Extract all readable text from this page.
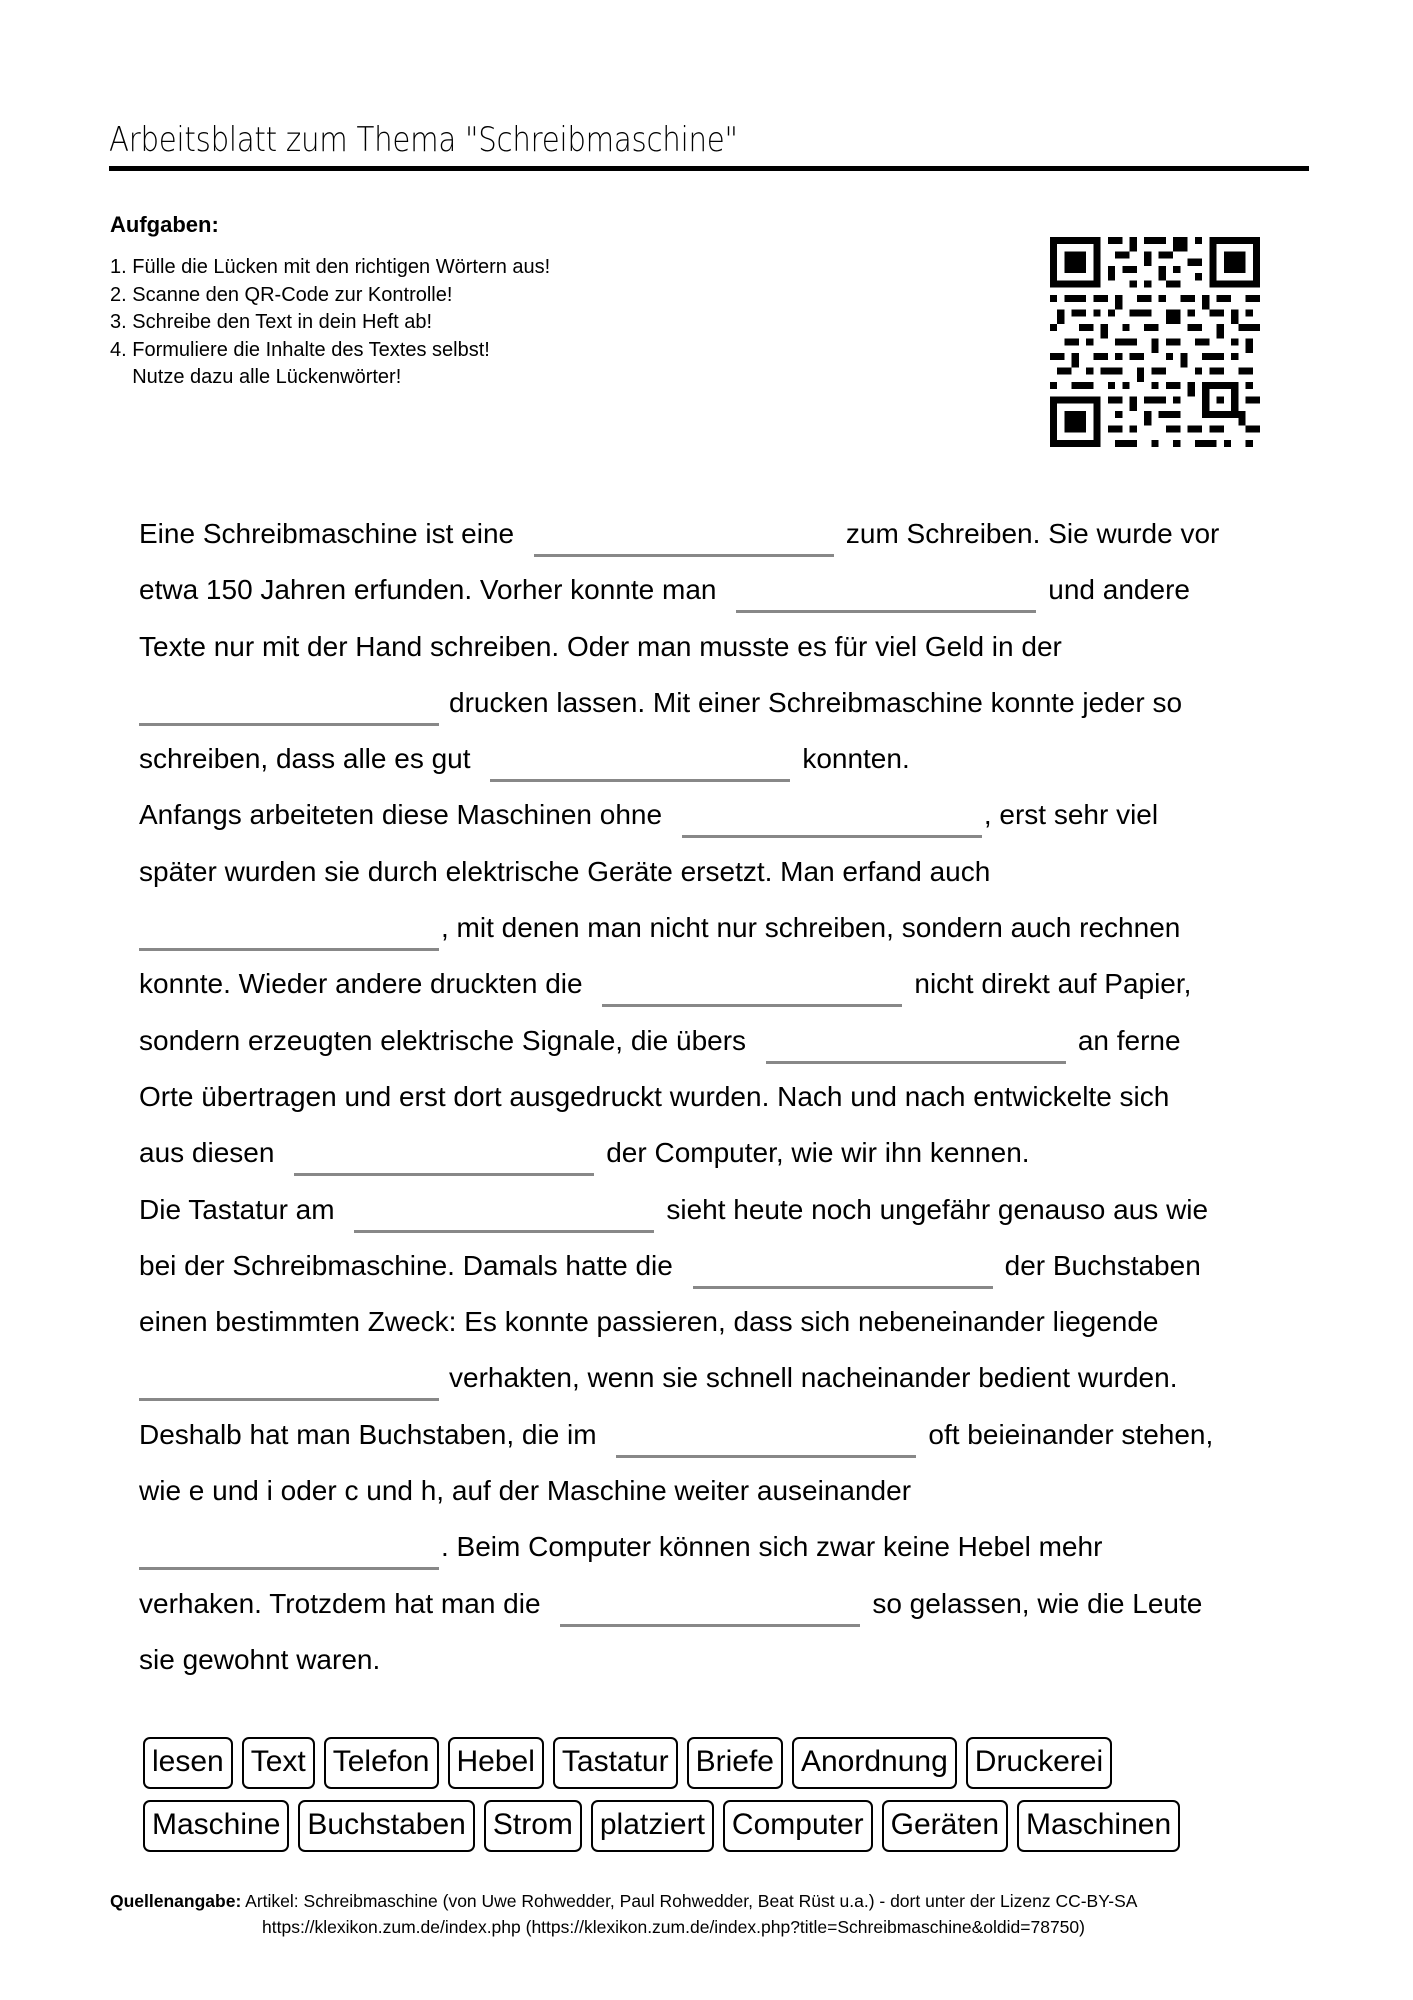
Arbeitsblatt zum Thema "Schreibmaschine"
Aufgaben:
1. Fülle die Lücken mit den richtigen Wörtern aus!
2. Scanne den QR-Code zur Kontrolle!
3. Schreibe den Text in dein Heft ab!
4. Formuliere die Inhalte des Textes selbst!
Nutze dazu alle Lückenwörter!
Eine Schreibmaschine ist eine	zum Schreiben. Sie wurde vor
etwa 150 Jahren erfunden. Vorher konnte man	und andere
Texte nur mit der Hand schreiben. Oder man musste es für viel Geld in der
drucken lassen. Mit einer Schreibmaschine konnte jeder so
schreiben, dass alle es gut	konnten.
Anfangs arbeiteten diese Maschinen ohne	, erst sehr viel
später wurden sie durch elektrische Geräte ersetzt. Man erfand auch
, mit denen man nicht nur schreiben, sondern auch rechnen
konnte. Wieder andere druckten die	nicht direkt auf Papier,
sondern erzeugten elektrische Signale, die übers	an ferne
Orte übertragen und erst dort ausgedruckt wurden. Nach und nach entwickelte sich
aus diesen	der Computer, wie wir ihn kennen.
Die Tastatur am	sieht heute noch ungefähr genauso aus wie
bei der Schreibmaschine. Damals hatte die	der Buchstaben
einen bestimmten Zweck: Es konnte passieren, dass sich nebeneinander liegende
verhakten, wenn sie schnell nacheinander bedient wurden.
Deshalb hat man Buchstaben, die im	oft beieinander stehen,
wie e und i oder c und h, auf der Maschine weiter auseinander
. Beim Computer können sich zwar keine Hebel mehr
verhaken. Trotzdem hat man die	so gelassen, wie die Leute
sie gewohnt waren.
lesen Text Telefon Hebel Tastatur Briefe Anordnung Druckerei
Maschine Buchstaben Strom platziert Computer Geräten Maschinen
Quellenangabe: Artikel: Schreibmaschine (von Uwe Rohwedder, Paul Rohwedder, Beat Rüst u.a.) - dort unter der Lizenz CC-BY-SA
https://klexikon.zum.de/index.php (https://klexikon.zum.de/index.php?title=Schreibmaschine&oldid=78750)
